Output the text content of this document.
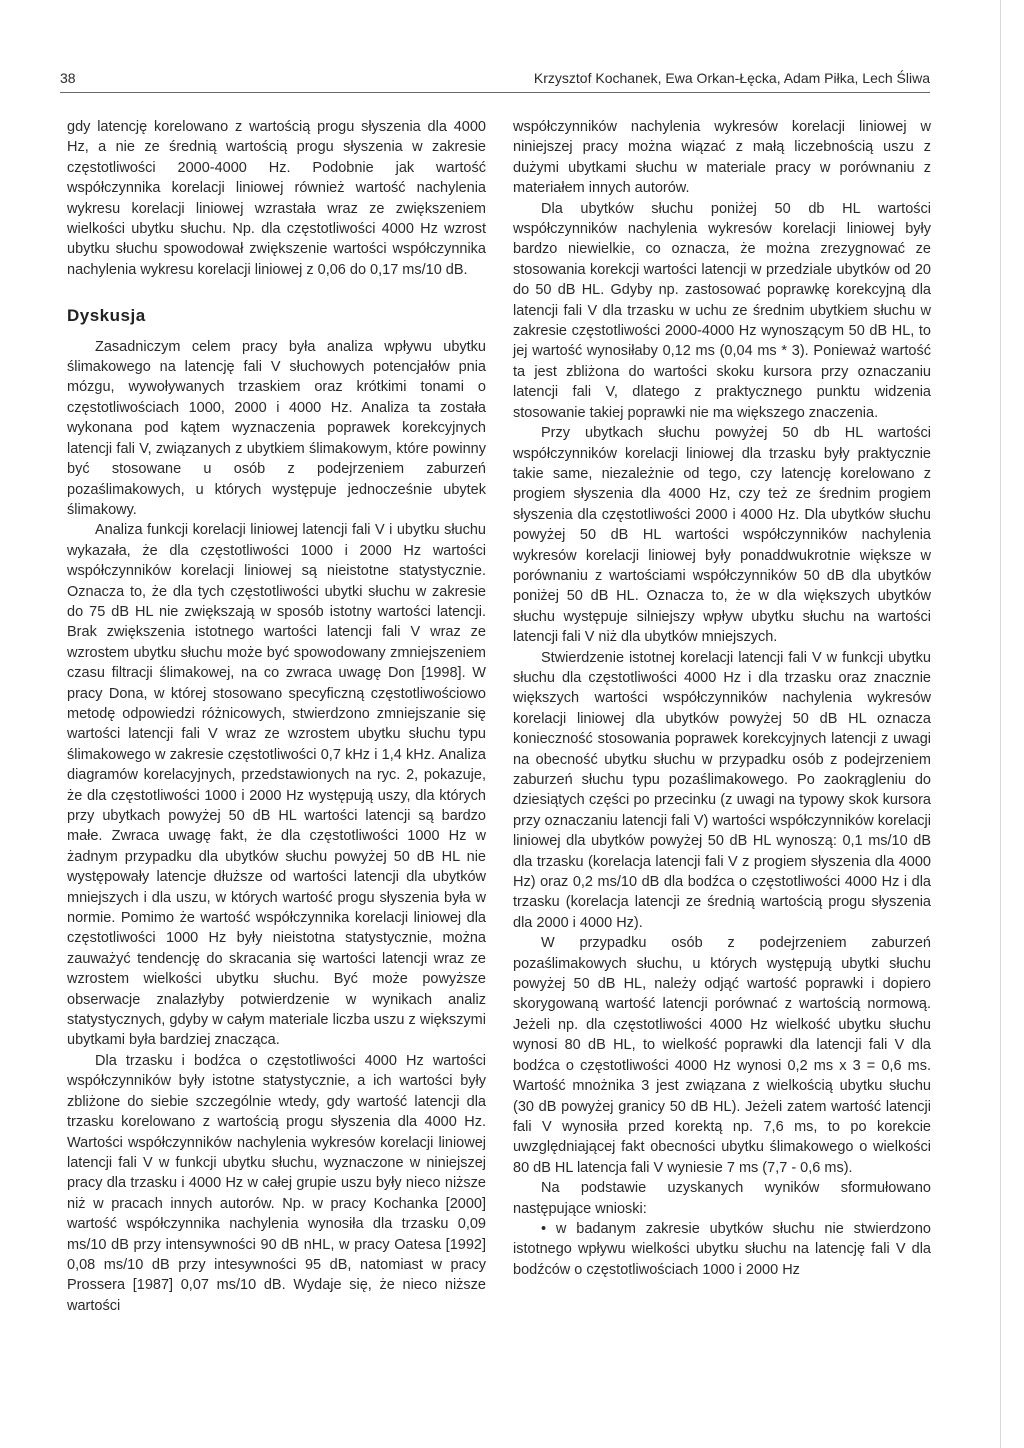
38	Krzysztof Kochanek, Ewa Orkan-Łęcka, Adam Piłka, Lech Śliwa

gdy latencję korelowano z wartością progu słyszenia dla 4000 Hz, a nie ze średnią wartością progu słyszenia w zakresie częstotliwości 2000-4000 Hz. Podobnie jak wartość współczynnika korelacji liniowej również wartość nachylenia wykresu korelacji liniowej wzrastała wraz ze zwiększeniem wielkości ubytku słuchu. Np. dla częstotliwości 4000 Hz wzrost ubytku słuchu spowodował zwiększenie wartości współczynnika nachylenia wykresu korelacji liniowej z 0,06 do 0,17 ms/10 dB.

Dyskusja

Zasadniczym celem pracy była analiza wpływu ubytku ślimakowego na latencję fali V słuchowych potencjałów pnia mózgu, wywoływanych trzaskiem oraz krótkimi tonami o częstotliwościach 1000, 2000 i 4000 Hz. Analiza ta została wykonana pod kątem wyznaczenia poprawek korekcyjnych latencji fali V, związanych z ubytkiem ślimakowym, które powinny być stosowane u osób z podejrzeniem zaburzeń pozaślimakowych, u których występuje jednocześnie ubytek ślimakowy.

Analiza funkcji korelacji liniowej latencji fali V i ubytku słuchu wykazała, że dla częstotliwości 1000 i 2000 Hz wartości współczynników korelacji liniowej są nieistotne statystycznie. Oznacza to, że dla tych częstotliwości ubytki słuchu w zakresie do 75 dB HL nie zwiększają w sposób istotny wartości latencji. Brak zwiększenia istotnego wartości latencji fali V wraz ze wzrostem ubytku słuchu może być spowodowany zmniejszeniem czasu filtracji ślimakowej, na co zwraca uwagę Don [1998]. W pracy Dona, w której stosowano specyficzną częstotliwościowo metodę odpowiedzi różnicowych, stwierdzono zmniejszanie się wartości latencji fali V wraz ze wzrostem ubytku słuchu typu ślimakowego w zakresie częstotliwości 0,7 kHz i 1,4 kHz. Analiza diagramów korelacyjnych, przedstawionych na ryc. 2, pokazuje, że dla częstotliwości 1000 i 2000 Hz występują uszy, dla których przy ubytkach powyżej 50 dB HL wartości latencji są bardzo małe. Zwraca uwagę fakt, że dla częstotliwości 1000 Hz w żadnym przypadku dla ubytków słuchu powyżej 50 dB HL nie występowały latencje dłuższe od wartości latencji dla ubytków mniejszych i dla uszu, w których wartość progu słyszenia była w normie. Pomimo że wartość współczynnika korelacji liniowej dla częstotliwości 1000 Hz były nieistotna statystycznie, można zauważyć tendencję do skracania się wartości latencji wraz ze wzrostem wielkości ubytku słuchu. Być może powyższe obserwacje znalazłyby potwierdzenie w wynikach analiz statystycznych, gdyby w całym materiale liczba uszu z większymi ubytkami była bardziej znacząca.

Dla trzasku i bodźca o częstotliwości 4000 Hz wartości współczynników były istotne statystycznie, a ich wartości były zbliżone do siebie szczególnie wtedy, gdy wartość latencji dla trzasku korelowano z wartością progu słyszenia dla 4000 Hz. Wartości współczynników nachylenia wykresów korelacji liniowej latencji fali V w funkcji ubytku słuchu, wyznaczone w niniejszej pracy dla trzasku i 4000 Hz w całej grupie uszu były nieco niższe niż w pracach innych autorów. Np. w pracy Kochanka [2000] wartość współczynnika nachylenia wynosiła dla trzasku 0,09 ms/10 dB przy intensywności 90 dB nHL, w pracy Oatesa [1992] 0,08 ms/10 dB przy intesywności 95 dB, natomiast w pracy Prossera [1987] 0,07 ms/10 dB. Wydaje się, że nieco niższe wartości

współczynników nachylenia wykresów korelacji liniowej w niniejszej pracy można wiązać z małą liczebnością uszu z dużymi ubytkami słuchu w materiale pracy w porównaniu z materiałem innych autorów.

Dla ubytków słuchu poniżej 50 db HL wartości współczynników nachylenia wykresów korelacji liniowej były bardzo niewielkie, co oznacza, że można zrezygnować ze stosowania korekcji wartości latencji w przedziale ubytków od 20 do 50 dB HL. Gdyby np. zastosować poprawkę korekcyjną dla latencji fali V dla trzasku w uchu ze średnim ubytkiem słuchu w zakresie częstotliwości 2000-4000 Hz wynoszącym 50 dB HL, to jej wartość wynosiłaby 0,12 ms (0,04 ms * 3). Ponieważ wartość ta jest zbliżona do wartości skoku kursora przy oznaczaniu latencji fali V, dlatego z praktycznego punktu widzenia stosowanie takiej poprawki nie ma większego znaczenia.

Przy ubytkach słuchu powyżej 50 db HL wartości współczynników korelacji liniowej dla trzasku były praktycznie takie same, niezależnie od tego, czy latencję korelowano z progiem słyszenia dla 4000 Hz, czy też ze średnim progiem słyszenia dla częstotliwości 2000 i 4000 Hz. Dla ubytków słuchu powyżej 50 dB HL wartości współczynników nachylenia wykresów korelacji liniowej były ponaddwukrotnie większe w porównaniu z wartościami współczynników 50 dB dla ubytków poniżej 50 dB HL. Oznacza to, że w dla większych ubytków słuchu występuje silniejszy wpływ ubytku słuchu na wartości latencji fali V niż dla ubytków mniejszych.

Stwierdzenie istotnej korelacji latencji fali V w funkcji ubytku słuchu dla częstotliwości 4000 Hz i dla trzasku oraz znacznie większych wartości współczynników nachylenia wykresów korelacji liniowej dla ubytków powyżej 50 dB HL oznacza konieczność stosowania poprawek korekcyjnych latencji z uwagi na obecność ubytku słuchu w przypadku osób z podejrzeniem zaburzeń słuchu typu pozaślimakowego. Po zaokrągleniu do dziesiątych części po przecinku (z uwagi na typowy skok kursora przy oznaczaniu latencji fali V) wartości współczynników korelacji liniowej dla ubytków powyżej 50 dB HL wynoszą: 0,1 ms/10 dB dla trzasku (korelacja latencji fali V z progiem słyszenia dla 4000 Hz) oraz 0,2 ms/10 dB dla bodźca o częstotliwości 4000 Hz i dla trzasku (korelacja latencji ze średnią wartością progu słyszenia dla 2000 i 4000 Hz).

W przypadku osób z podejrzeniem zaburzeń pozaślimakowych słuchu, u których występują ubytki słuchu powyżej 50 dB HL, należy odjąć wartość poprawki i dopiero skorygowaną wartość latencji porównać z wartością normową. Jeżeli np. dla częstotliwości 4000 Hz wielkość ubytku słuchu wynosi 80 dB HL, to wielkość poprawki dla latencji fali V dla bodźca o częstotliwości 4000 Hz wynosi 0,2 ms x 3 = 0,6 ms. Wartość mnożnika 3 jest związana z wielkością ubytku słuchu (30 dB powyżej granicy 50 dB HL). Jeżeli zatem wartość latencji fali V wynosiła przed korektą np. 7,6 ms, to po korekcie uwzględniającej fakt obecności ubytku ślimakowego o wielkości 80 dB HL latencja fali V wyniesie 7 ms (7,7 - 0,6 ms).

Na podstawie uzyskanych wyników sformułowano następujące wnioski:

• w badanym zakresie ubytków słuchu nie stwierdzono istotnego wpływu wielkości ubytku słuchu na latencję fali V dla bodźców o częstotliwościach 1000 i 2000 Hz
